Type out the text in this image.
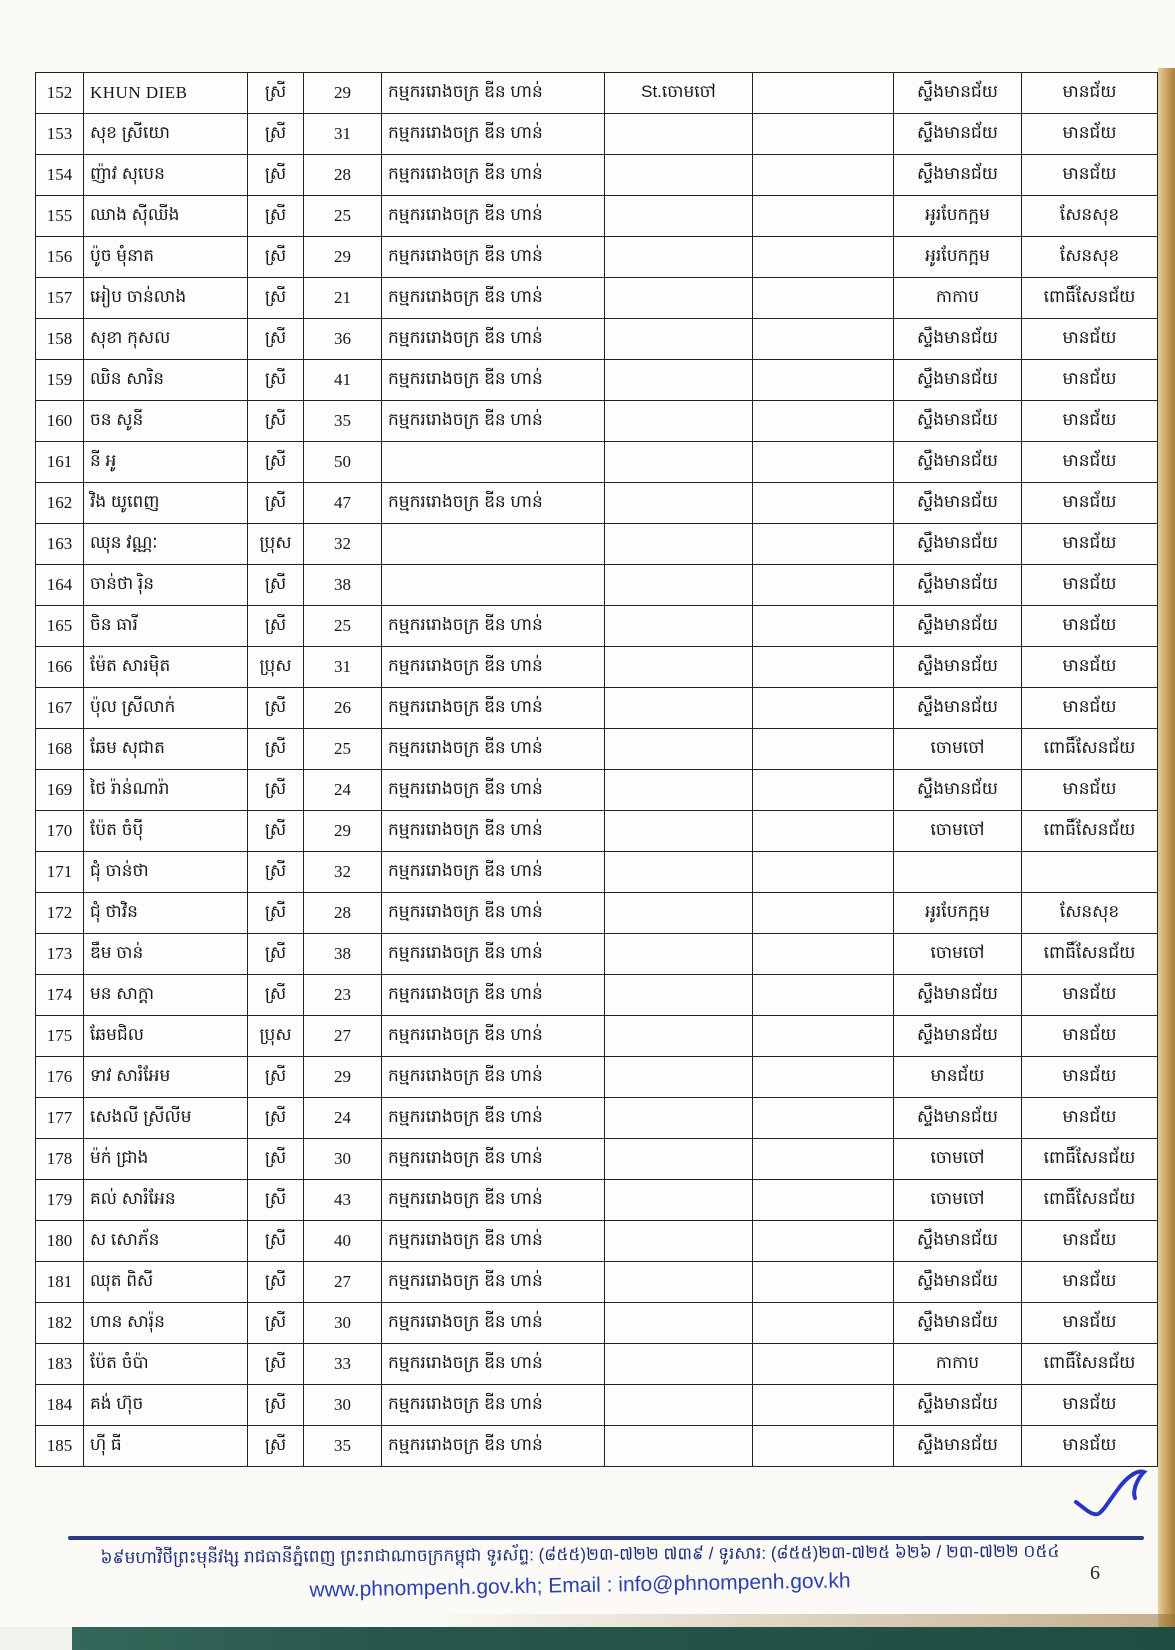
152	KHUN DIEB	ស្រី	29	កម្មកររោងចក្រ ឌីន ហាន់	St.ចោមចៅ		ស្ទឹងមានជ័យ	មានជ័យ
153	សុខ ស្រីយោ	ស្រី	31	កម្មកររោងចក្រ ឌីន ហាន់			ស្ទឹងមានជ័យ	មានជ័យ
154	ញ៉ាវ សុបេន	ស្រី	28	កម្មកររោងចក្រ ឌីន ហាន់			ស្ទឹងមានជ័យ	មានជ័យ
155	ឈាង ស៊ីឈីង	ស្រី	25	កម្មកររោងចក្រ ឌីន ហាន់			អូរបែកក្អម	សែនសុខ
156	ប៉ូច ម៉ំនាត	ស្រី	29	កម្មកររោងចក្រ ឌីន ហាន់			អូរបែកក្អម	សែនសុខ
157	អៀប ចាន់លាង	ស្រី	21	កម្មកររោងចក្រ ឌីន ហាន់			កាកាប	ពោធិ៍សែនជ័យ
158	សុខា កុសល	ស្រី	36	កម្មកររោងចក្រ ឌីន ហាន់			ស្ទឹងមានជ័យ	មានជ័យ
159	ឈិន សារិន	ស្រី	41	កម្មកររោងចក្រ ឌីន ហាន់			ស្ទឹងមានជ័យ	មានជ័យ
160	ចន សូនី	ស្រី	35	កម្មកររោងចក្រ ឌីន ហាន់			ស្ទឹងមានជ័យ	មានជ័យ
161	នី អូ	ស្រី	50				ស្ទឹងមានជ័យ	មានជ័យ
162	វិង យូពេញ	ស្រី	47	កម្មកររោងចក្រ ឌីន ហាន់			ស្ទឹងមានជ័យ	មានជ័យ
163	ឈុន វណ្ណៈ	ប្រុស	32				ស្ទឹងមានជ័យ	មានជ័យ
164	ចាន់ថា រ៉ិន	ស្រី	38				ស្ទឹងមានជ័យ	មានជ័យ
165	ចិន ធារី	ស្រី	25	កម្មកររោងចក្រ ឌីន ហាន់			ស្ទឹងមានជ័យ	មានជ័យ
166	ម៉ែត សារម៉ិត	ប្រុស	31	កម្មកររោងចក្រ ឌីន ហាន់			ស្ទឹងមានជ័យ	មានជ័យ
167	ប៉ុល ស្រីលាក់	ស្រី	26	កម្មកររោងចក្រ ឌីន ហាន់			ស្ទឹងមានជ័យ	មានជ័យ
168	ឆែម សុជាត	ស្រី	25	កម្មកររោងចក្រ ឌីន ហាន់			ចោមចៅ	ពោធិ៍សែនជ័យ
169	ថៃ រ៉ាន់ណារ៉ា	ស្រី	24	កម្មកររោងចក្រ ឌីន ហាន់			ស្ទឹងមានជ័យ	មានជ័យ
170	ប៉ែត ចំប៉ី	ស្រី	29	កម្មកររោងចក្រ ឌីន ហាន់			ចោមចៅ	ពោធិ៍សែនជ័យ
171	ជុំ ចាន់ថា	ស្រី	32	កម្មកររោងចក្រ ឌីន ហាន់				
172	ជុំ ថាវិន	ស្រី	28	កម្មកររោងចក្រ ឌីន ហាន់			អូរបែកក្អម	សែនសុខ
173	ឌឹម ចាន់	ស្រី	38	កម្មកររោងចក្រ ឌីន ហាន់			ចោមចៅ	ពោធិ៍សែនជ័យ
174	មន សាក្តា	ស្រី	23	កម្មកររោងចក្រ ឌីន ហាន់			ស្ទឹងមានជ័យ	មានជ័យ
175	ឆែមជិល	ប្រុស	27	កម្មកររោងចក្រ ឌីន ហាន់			ស្ទឹងមានជ័យ	មានជ័យ
176	ទាវ សារំអែម	ស្រី	29	កម្មកររោងចក្រ ឌីន ហាន់			មានជ័យ	មានជ័យ
177	សេងលី ស្រីលីម	ស្រី	24	កម្មកររោងចក្រ ឌីន ហាន់			ស្ទឹងមានជ័យ	មានជ័យ
178	ម៉ក់ ជ្រាង	ស្រី	30	កម្មកររោងចក្រ ឌីន ហាន់			ចោមចៅ	ពោធិ៍សែនជ័យ
179	គល់ សារំអែន	ស្រី	43	កម្មកររោងចក្រ ឌីន ហាន់			ចោមចៅ	ពោធិ៍សែនជ័យ
180	ស សោភ័ន	ស្រី	40	កម្មកររោងចក្រ ឌីន ហាន់			ស្ទឹងមានជ័យ	មានជ័យ
181	ឈុត ពិសី	ស្រី	27	កម្មកររោងចក្រ ឌីន ហាន់			ស្ទឹងមានជ័យ	មានជ័យ
182	ហាន សារ៉ុន	ស្រី	30	កម្មកររោងចក្រ ឌីន ហាន់			ស្ទឹងមានជ័យ	មានជ័យ
183	ប៉ែត ចំប៉ា	ស្រី	33	កម្មកររោងចក្រ ឌីន ហាន់			កាកាប	ពោធិ៍សែនជ័យ
184	គង់ ហ៊ុច	ស្រី	30	កម្មកររោងចក្រ ឌីន ហាន់			ស្ទឹងមានជ័យ	មានជ័យ
185	ហ៊ី ធី	ស្រី	35	កម្មកររោងចក្រ ឌីន ហាន់			ស្ទឹងមានជ័យ	មានជ័យ
៦៩មហាវិថីព្រះមុនីវង្ស រាជធានីភ្នំពេញ ព្រះរាជាណាចក្រកម្ពុជា ទូរស័ព្ទ: (៨៥៥)២៣-៧២២ ៧៣៩ / ទូរសារ: (៨៥៥)២៣-៧២៥ ៦២៦ / ២៣-៧២២ ០៥៤
www.phnompenh.gov.kh; Email : info@phnompenh.gov.kh	6
